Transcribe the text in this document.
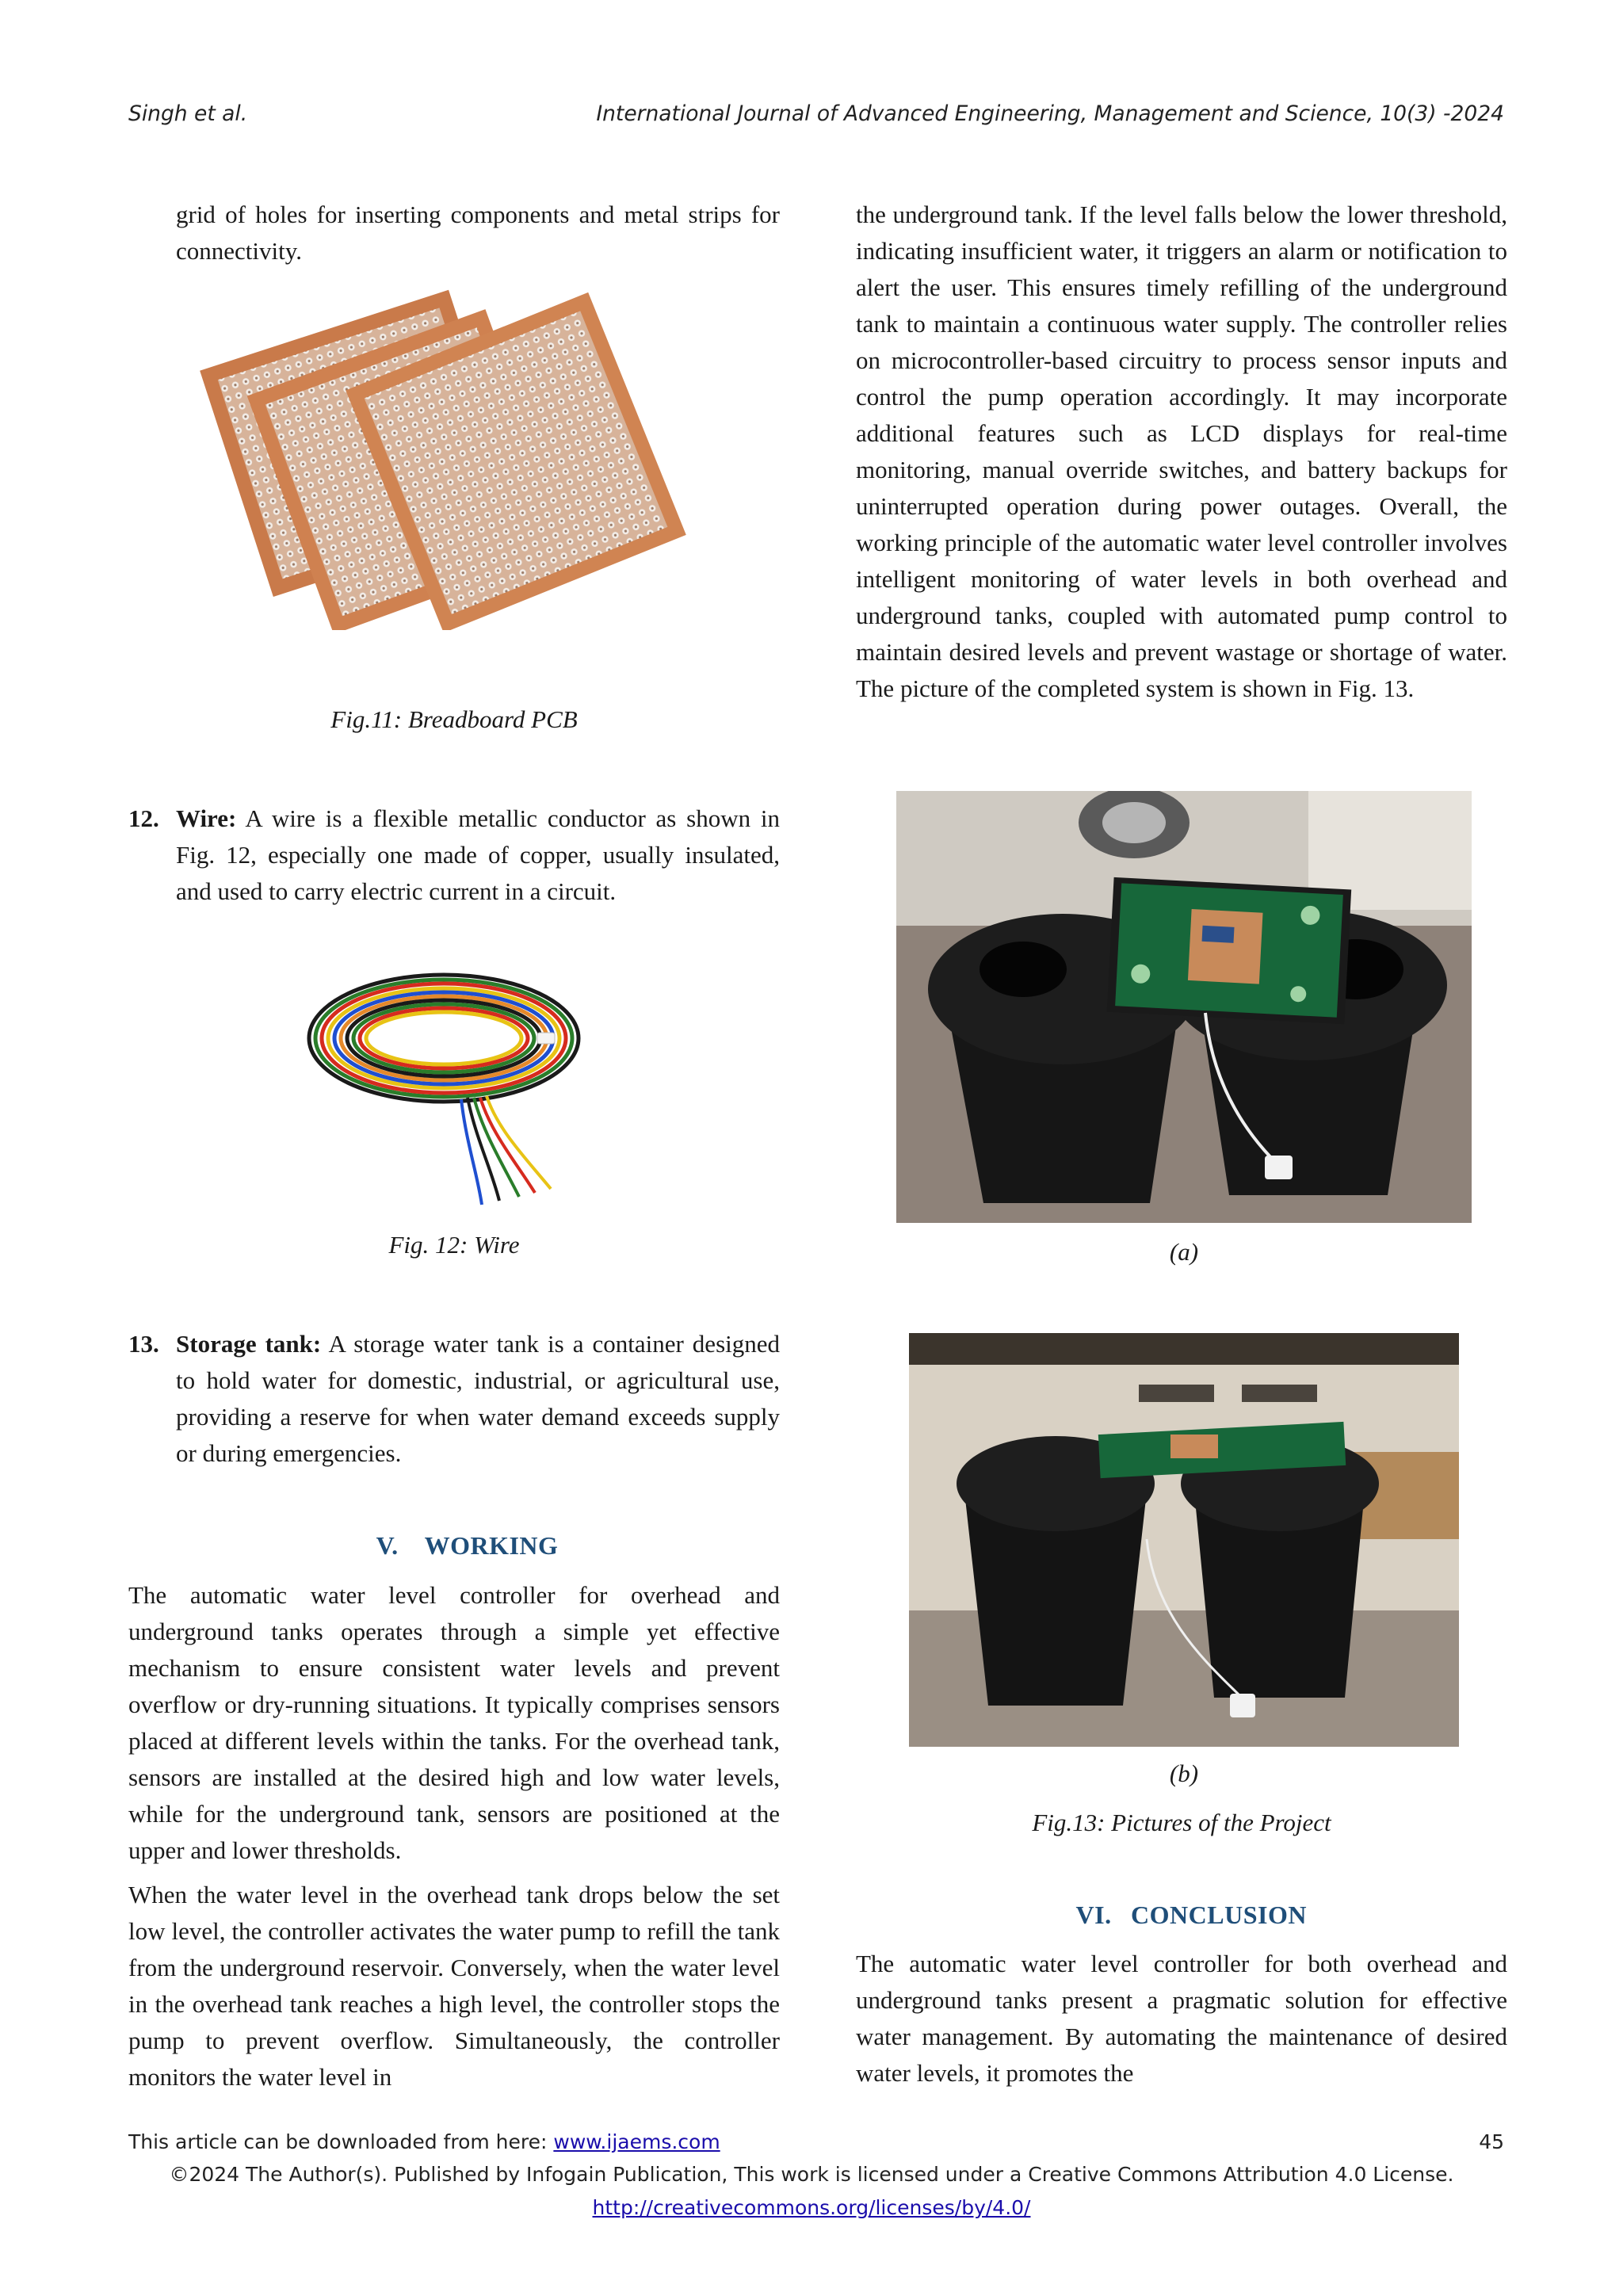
Singh et al.	International Journal of Advanced Engineering, Management and Science, 10(3) -2024

grid of holes for inserting components and metal strips for connectivity.

Fig.11: Breadboard PCB
12. Wire: A wire is a flexible metallic conductor as shown in Fig. 12, especially one made of copper, usually insulated, and used to carry electric current in a circuit.
Fig. 12: Wire
13. Storage tank: A storage water tank is a container designed to hold water for domestic, industrial, or agricultural use, providing a reserve for when water demand exceeds supply or during emergencies.
V. WORKING

The automatic water level controller for overhead and underground tanks operates through a simple yet effective mechanism to ensure consistent water levels and prevent overflow or dry-running situations. It typically comprises sensors placed at different levels within the tanks. For the overhead tank, sensors are installed at the desired high and low water levels, while for the underground tank, sensors are positioned at the upper and lower thresholds.

When the water level in the overhead tank drops below the set low level, the controller activates the water pump to refill the tank from the underground reservoir. Conversely, when the water level in the overhead tank reaches a high level, the controller stops the pump to prevent overflow. Simultaneously, the controller monitors the water level in

the underground tank. If the level falls below the lower threshold, indicating insufficient water, it triggers an alarm or notification to alert the user. This ensures timely refilling of the underground tank to maintain a continuous water supply. The controller relies on microcontroller-based circuitry to process sensor inputs and control the pump operation accordingly. It may incorporate additional features such as LCD displays for real-time monitoring, manual override switches, and battery backups for uninterrupted operation during power outages. Overall, the working principle of the automatic water level controller involves intelligent monitoring of water levels in both overhead and underground tanks, coupled with automated pump control to maintain desired levels and prevent wastage or shortage of water. The picture of the completed system is shown in Fig. 13.

(a)
(b)
Fig.13: Pictures of the Project
VI. CONCLUSION

The automatic water level controller for both overhead and underground tanks present a pragmatic solution for effective water management. By automating the maintenance of desired water levels, it promotes the

This article can be downloaded from here: www.ijaems.com	45
©2024 The Author(s). Published by Infogain Publication, This work is licensed under a Creative Commons Attribution 4.0 License.
http://creativecommons.org/licenses/by/4.0/
